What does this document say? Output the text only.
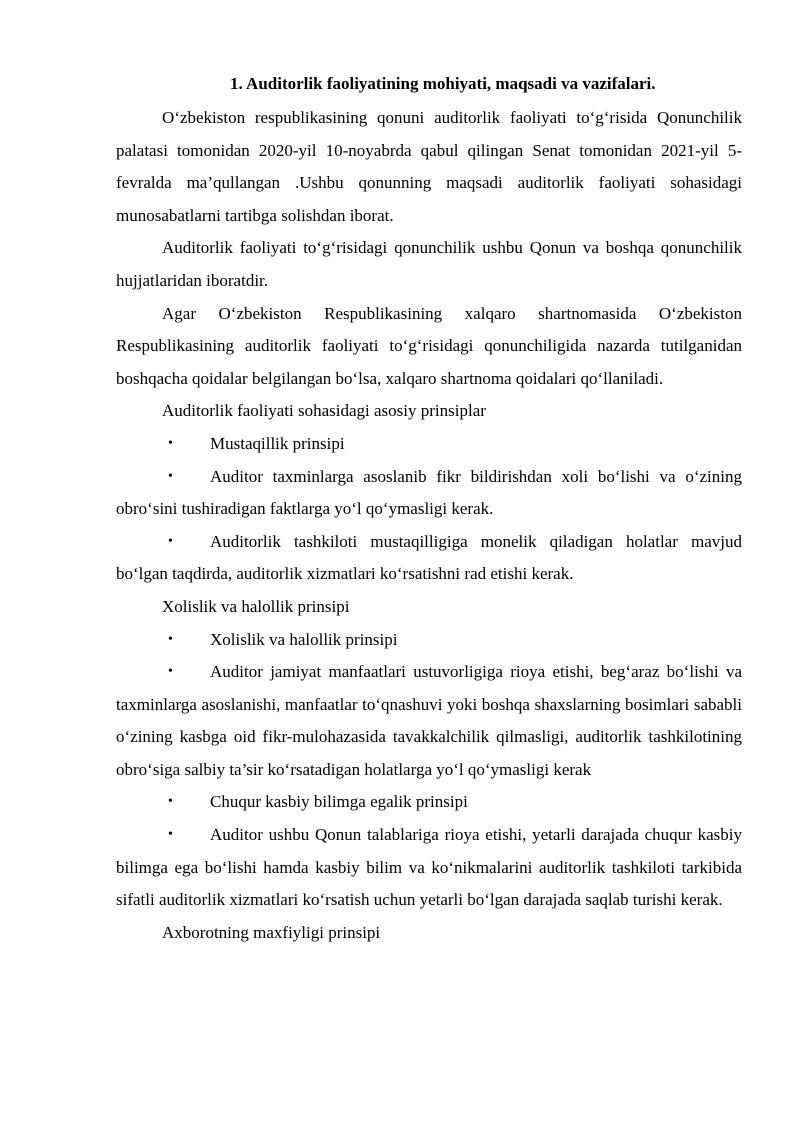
1. Auditorlik faoliyatining mohiyati, maqsadi va vazifalari.

O‘zbekiston respublikasining qonuni auditorlik faoliyati to‘g‘risida Qonunchilik palatasi tomonidan 2020-yil 10-noyabrda qabul qilingan Senat tomonidan 2021-yil 5-fevralda ma’qullangan .Ushbu qonunning maqsadi auditorlik faoliyati sohasidagi munosabatlarni tartibga solishdan iborat.

Auditorlik faoliyati to‘g‘risidagi qonunchilik ushbu Qonun va boshqa qonunchilik hujjatlaridan iboratdir.

Agar O‘zbekiston Respublikasining xalqaro shartnomasida O‘zbekiston Respublikasining auditorlik faoliyati to‘g‘risidagi qonunchiligida nazarda tutilganidan boshqacha qoidalar belgilangan bo‘lsa, xalqaro shartnoma qoidalari qo‘llaniladi.

Auditorlik faoliyati sohasidagi asosiy prinsiplar

• Mustaqillik prinsipi

• Auditor taxminlarga asoslanib fikr bildirishdan xoli bo‘lishi va o‘zining obro‘sini tushiradigan faktlarga yo‘l qo‘ymasligi kerak.

• Auditorlik tashkiloti mustaqilligiga monelik qiladigan holatlar mavjud bo‘lgan taqdirda, auditorlik xizmatlari ko‘rsatishni rad etishi kerak.

Xolislik va halollik prinsipi

• Xolislik va halollik prinsipi

• Auditor jamiyat manfaatlari ustuvorligiga rioya etishi, beg‘araz bo‘lishi va taxminlarga asoslanishi, manfaatlar to‘qnashuvi yoki boshqa shaxslarning bosimlari sababli o‘zining kasbga oid fikr-mulohazasida tavakkalchilik qilmasligi, auditorlik tashkilotining obro‘siga salbiy ta’sir ko‘rsatadigan holatlarga yo‘l qo‘ymasligi kerak

• Chuqur kasbiy bilimga egalik prinsipi

• Auditor ushbu Qonun talablariga rioya etishi, yetarli darajada chuqur kasbiy bilimga ega bo‘lishi hamda kasbiy bilim va ko‘nikmalarini auditorlik tashkiloti tarkibida sifatli auditorlik xizmatlari ko‘rsatish uchun yetarli bo‘lgan darajada saqlab turishi kerak.

Axborotning maxfiyligi prinsipi
